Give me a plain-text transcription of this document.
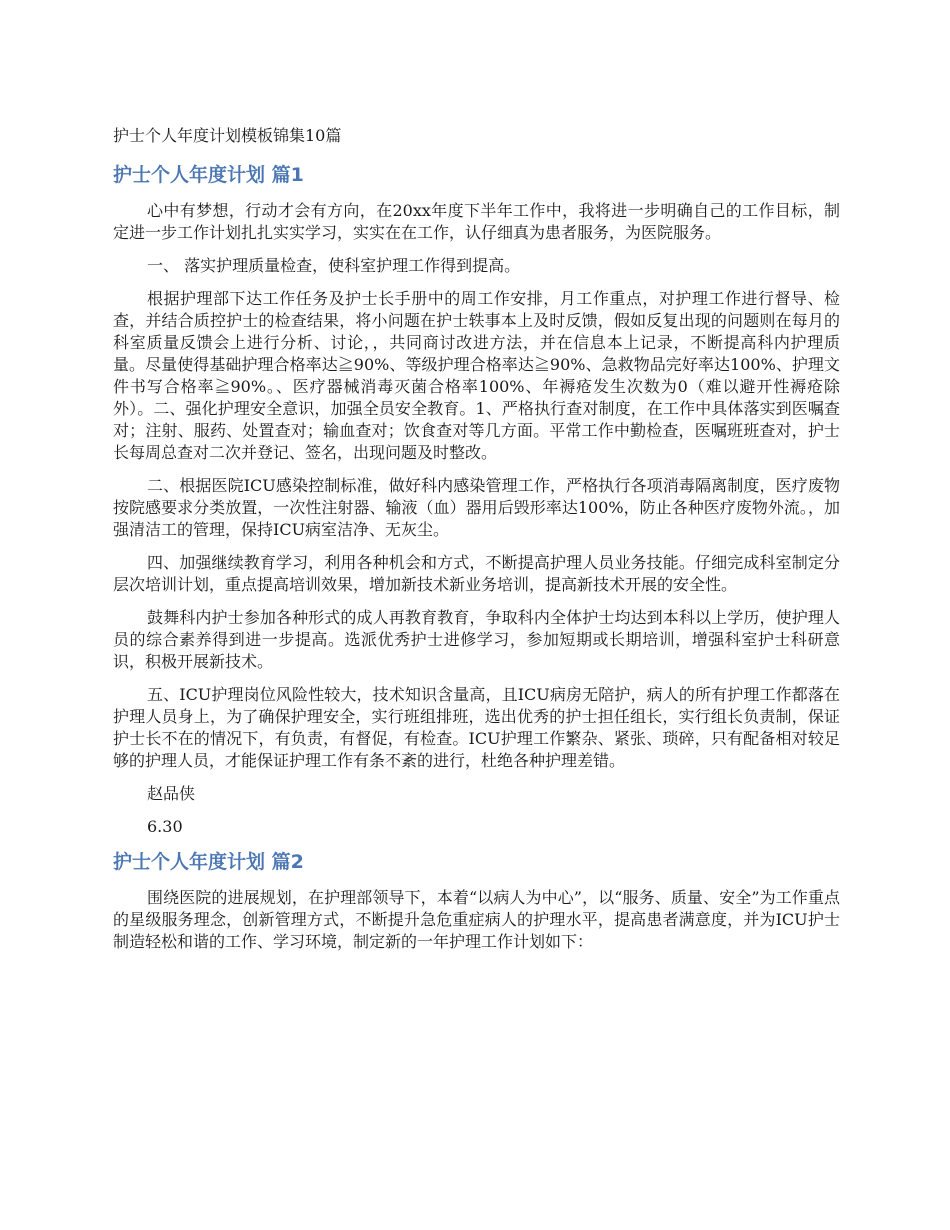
护士个人年度计划模板锦集10篇
护士个人年度计划 篇1

心中有梦想，行动才会有方向，在20xx年度下半年工作中，我将进一步明确自己的工作目标，制定进一步工作计划扎扎实实学习，实实在在工作，认仔细真为患者服务，为医院服务。

一、 落实护理质量检查，使科室护理工作得到提高。

根据护理部下达工作任务及护士长手册中的周工作安排，月工作重点，对护理工作进行督导、检查，并结合质控护士的检查结果，将小问题在护士轶事本上及时反馈，假如反复出现的问题则在每月的科室质量反馈会上进行分析、讨论，，共同商讨改进方法，并在信息本上记录，不断提高科内护理质量。尽量使得基础护理合格率达≧90%、等级护理合格率达≧90%、急救物品完好率达100%、护理文件书写合格率≧90%。、医疗器械消毒灭菌合格率100%、年褥疮发生次数为0（难以避开性褥疮除外）。二、强化护理安全意识，加强全员安全教育。1、严格执行查对制度，在工作中具体落实到医嘱查对；注射、服药、处置查对；输血查对；饮食查对等几方面。平常工作中勤检查，医嘱班班查对，护士长每周总查对二次并登记、签名，出现问题及时整改。

二、根据医院ICU感染控制标准，做好科内感染管理工作，严格执行各项消毒隔离制度，医疗废物按院感要求分类放置，一次性注射器、输液（血）器用后毁形率达100%，防止各种医疗废物外流。，加强清洁工的管理，保持ICU病室洁净、无灰尘。

四、加强继续教育学习，利用各种机会和方式，不断提高护理人员业务技能。仔细完成科室制定分层次培训计划，重点提高培训效果，增加新技术新业务培训，提高新技术开展的安全性。

鼓舞科内护士参加各种形式的成人再教育教育，争取科内全体护士均达到本科以上学历，使护理人员的综合素养得到进一步提高。选派优秀护士进修学习，参加短期或长期培训，增强科室护士科研意识，积极开展新技术。

五、ICU护理岗位风险性较大，技术知识含量高，且ICU病房无陪护，病人的所有护理工作都落在护理人员身上，为了确保护理安全，实行班组排班，选出优秀的护士担任组长，实行组长负责制，保证护士长不在的情况下，有负责，有督促，有检查。ICU护理工作繁杂、紧张、琐碎，只有配备相对较足够的护理人员，才能保证护理工作有条不紊的进行，杜绝各种护理差错。

赵品侠

6.30

护士个人年度计划 篇2

围绕医院的进展规划，在护理部领导下，本着“以病人为中心”，以“服务、质量、安全”为工作重点的星级服务理念，创新管理方式，不断提升急危重症病人的护理水平，提高患者满意度，并为ICU护士制造轻松和谐的工作、学习环境，制定新的一年护理工作计划如下：
